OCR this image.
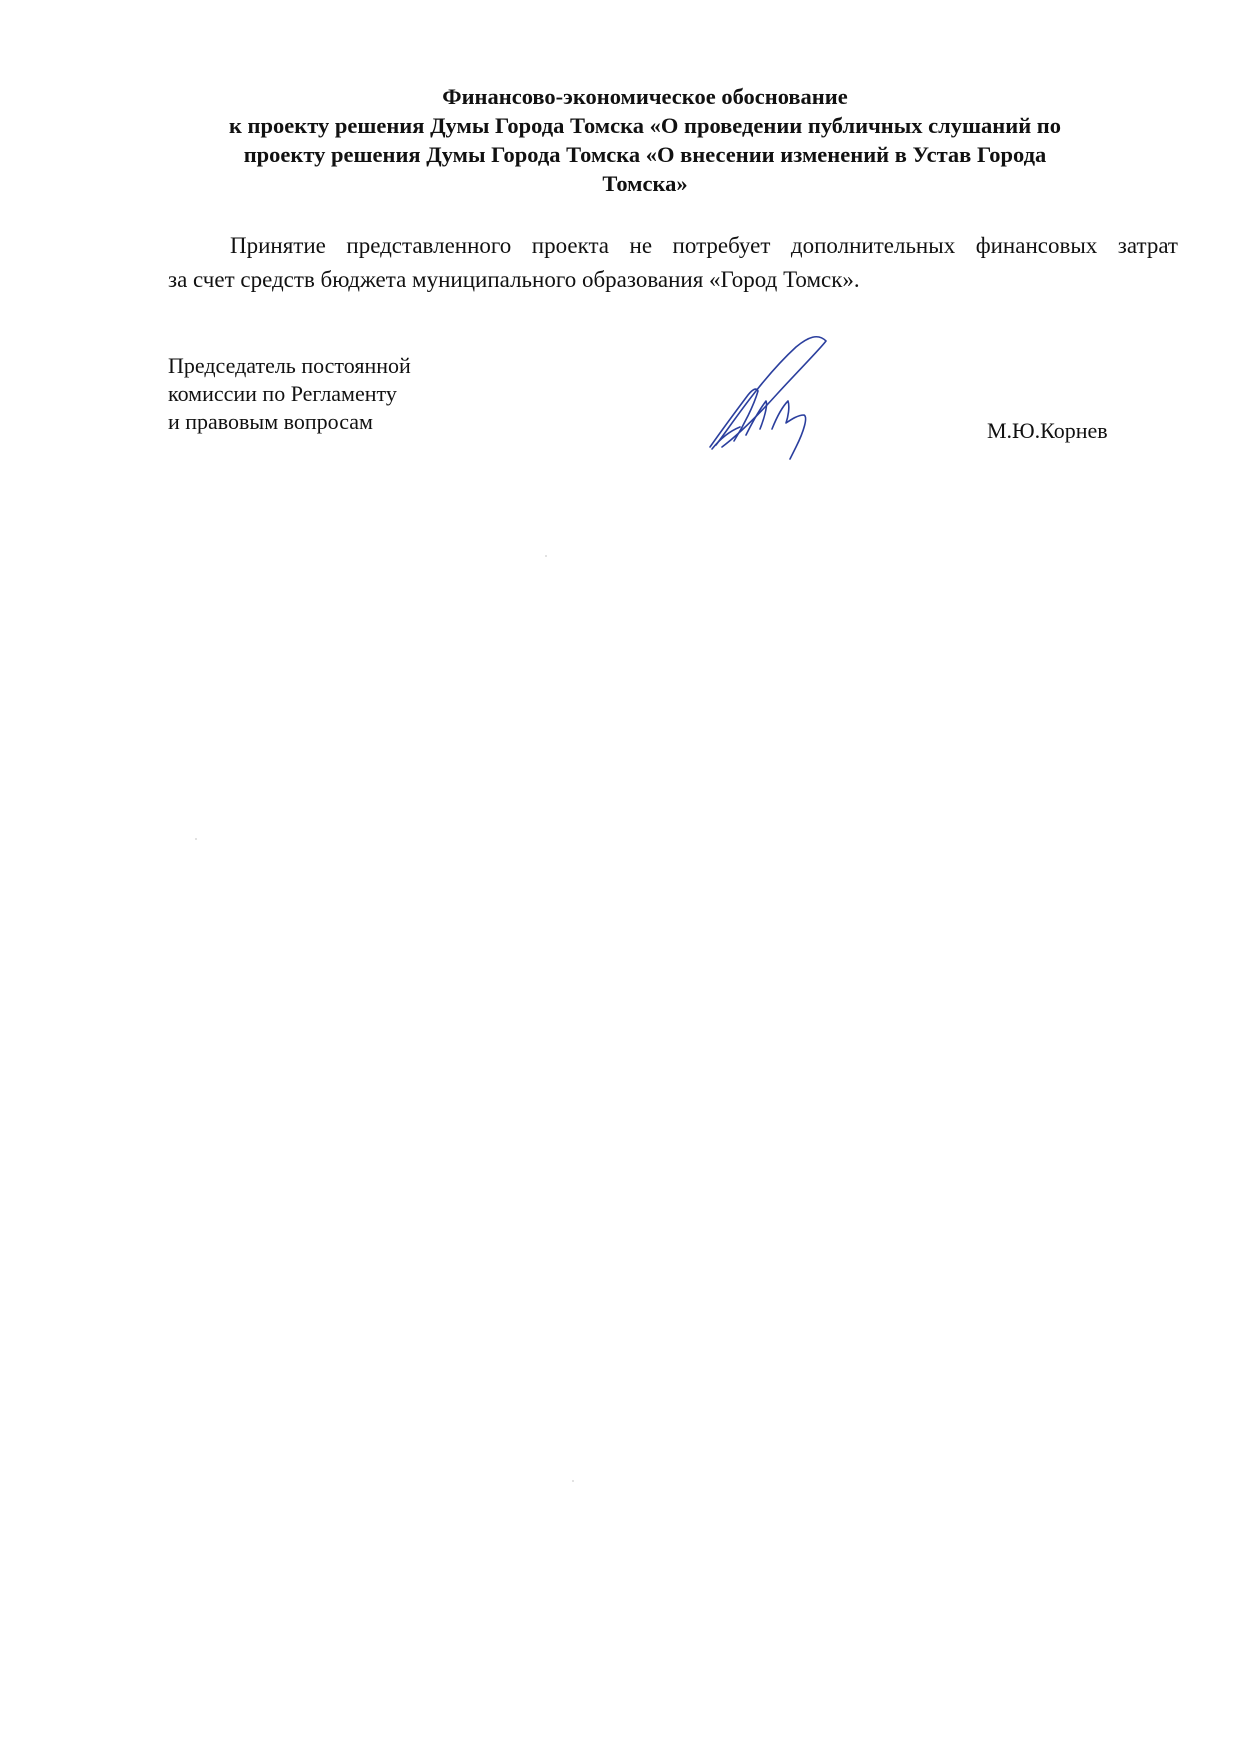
Финансово-экономическое обоснование
к проекту решения Думы Города Томска «О проведении публичных слушаний по
проекту решения Думы Города Томска «О внесении изменений в Устав Города
Томска»
Принятие представленного проекта не потребует дополнительных финансовых затрат
за счет средств бюджета муниципального образования «Город Томск».
Председатель постоянной
комиссии по Регламенту
и правовым вопросам	М.Ю.Корнев
